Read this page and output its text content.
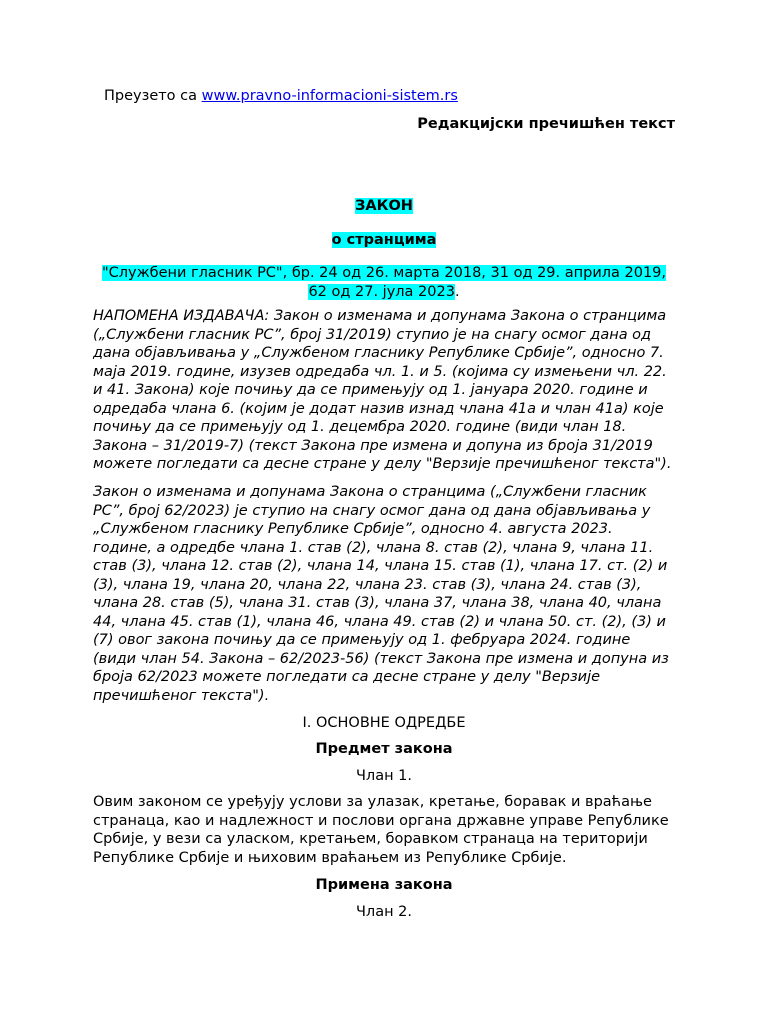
Преузето са www.pravno-informacioni-sistem.rs
Редакцијски пречишћен текст
ЗАКОН
о странцима
"Службени гласник РС", бр. 24 од 26. марта 2018, 31 од 29. априла 2019, 62 од 27. јула 2023.
НАПОМЕНА ИЗДАВАЧА: Закон о изменама и допунама Закона о странцима („Службени гласник РС”, број 31/2019) ступио је на снагу осмог дана од дана објављивања у „Службеном гласнику Републике Србије”, односно 7. маја 2019. године, изузев одредаба чл. 1. и 5. (којима су измењени чл. 22. и 41. Закона) које почињу да се примењују од 1. јануара 2020. године и одредаба члана 6. (којим је додат назив изнад члана 41а и члан 41а) које почињу да се примењују од 1. децембра 2020. године (види члан 18. Закона – 31/2019-7) (текст Закона пре измена и допуна из броја 31/2019 можете погледати са десне стране у делу "Верзије пречишћеног текста").
Закон о изменама и допунама Закона о странцима („Службени гласник РС”, број 62/2023) је ступио на снагу осмог дана од дана објављивања у „Службеном гласнику Републике Србије”, односно 4. августа 2023. године, а одредбе члана 1. став (2), члана 8. став (2), члана 9, члана 11. став (3), члана 12. став (2), члана 14, члана 15. став (1), члана 17. ст. (2) и (3), члана 19, члана 20, члана 22, члана 23. став (3), члана 24. став (3), члана 28. став (5), члана 31. став (3), члана 37, члана 38, члана 40, члана 44, члана 45. став (1), члана 46, члана 49. став (2) и члана 50. ст. (2), (3) и (7) овог закона почињу да се примењују од 1. фебруара 2024. године (види члан 54. Закона – 62/2023-56) (текст Закона пре измена и допуна из броја 62/2023 можете погледати са десне стране у делу "Верзије пречишћеног текста").
I. ОСНОВНЕ ОДРЕДБЕ
Предмет закона
Члан 1.
Овим законом се уређују услови за улазак, кретање, боравак и враћање странаца, као и надлежност и послови органа државне управе Републике Србије, у вези са уласком, кретањем, боравком странаца на територији Републике Србије и њиховим враћањем из Републике Србије.
Примена закона
Члан 2.
